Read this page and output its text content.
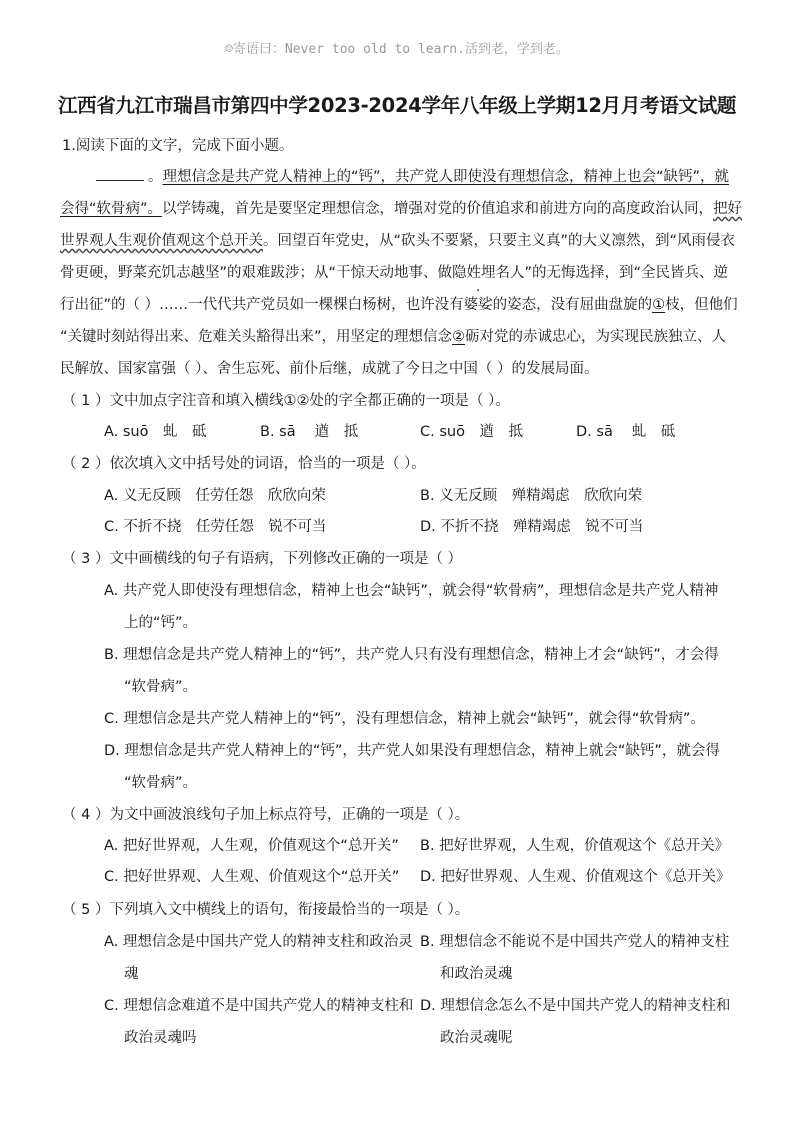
☺寄语曰：Never too old to learn.活到老，学到老。
江西省九江市瑞昌市第四中学2023-2024学年八年级上学期12月月考语文试题
1.阅读下面的文字，完成下面小题。
。理想信念是共产党人精神上的“钙”，共产党人即使没有理想信念，精神上也会“缺钙”，就
会得“软骨病”。以学铸魂，首先是要坚定理想信念，增强对党的价值追求和前进方向的高度政治认同，把好
世界观人生观价值观这个总开关。回望百年党史，从“砍头不要紧，只要主义真”的大义凛然，到“风雨侵衣
骨更硬，野菜充饥志越坚”的艰难跋涉；从“干惊天动地事、做隐姓埋名人”的无悔选择，到“全民皆兵、逆
行出征”的（ ）……一代代共产党员如一棵棵白杨树，也许没有婆娑的姿态，没有屈曲盘旋的①枝，但他们
“关键时刻站得出来、危难关头豁得出来”，用坚定的理想信念②砺对党的赤诚忠心，为实现民族独立、人
民解放、国家富强（ ）、舍生忘死、前仆后继，成就了今日之中国（ ）的发展局面。
（ 1 ）文中加点字注音和填入横线①②处的字全都正确的一项是（ ）。
A. suō　虬　砥	B. sā　 遒　抵	C. suō　遒　抵	D. sā　 虬　砥
（ 2 ）依次填入文中括号处的词语，恰当的一项是（ ）。
A. 义无反顾　任劳任怨　欣欣向荣	B. 义无反顾　殚精竭虑　欣欣向荣
C. 不折不挠　任劳任怨　锐不可当	D. 不折不挠　殚精竭虑　锐不可当
（ 3 ）文中画横线的句子有语病，下列修改正确的一项是（ ）
A. 共产党人即使没有理想信念，精神上也会“缺钙”，就会得“软骨病”，理想信念是共产党人精神
上的“钙”。
B. 理想信念是共产党人精神上的“钙”，共产党人只有没有理想信念，精神上才会“缺钙”，才会得
“软骨病”。
C. 理想信念是共产党人精神上的“钙”，没有理想信念，精神上就会“缺钙”，就会得“软骨病”。
D. 理想信念是共产党人精神上的“钙”，共产党人如果没有理想信念，精神上就会“缺钙”，就会得
“软骨病”。
（ 4 ）为文中画波浪线句子加上标点符号，正确的一项是（ ）。
A. 把好世界观，人生观，价值观这个“总开关” B. 把好世界观，人生观，价值观这个《总开关》
C. 把好世界观、人生观、价值观这个“总开关” D. 把好世界观、人生观、价值观这个《总开关》
（ 5 ）下列填入文中横线上的语句，衔接最恰当的一项是（ ）。
A. 理想信念是中国共产党人的精神支柱和政治灵
魂
B. 理想信念不能说不是中国共产党人的精神支柱
和政治灵魂
C. 理想信念难道不是中国共产党人的精神支柱和
政治灵魂吗
D. 理想信念怎么不是中国共产党人的精神支柱和
政治灵魂呢
